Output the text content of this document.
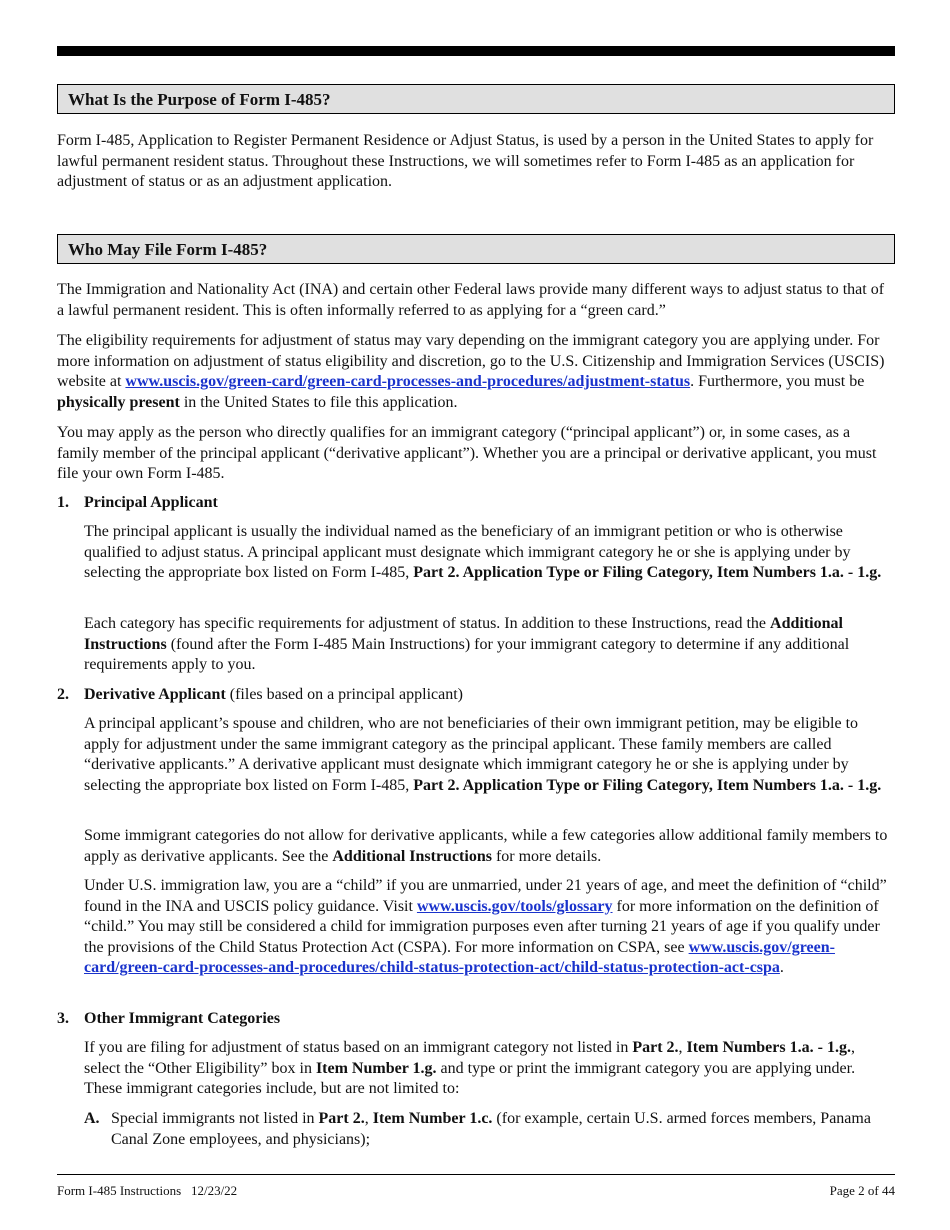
What Is the Purpose of Form I-485?

Form I-485, Application to Register Permanent Residence or Adjust Status, is used by a person in the United States to apply for lawful permanent resident status. Throughout these Instructions, we will sometimes refer to Form I-485 as an application for adjustment of status or as an adjustment application.

Who May File Form I-485?

The Immigration and Nationality Act (INA) and certain other Federal laws provide many different ways to adjust status to that of a lawful permanent resident. This is often informally referred to as applying for a “green card.”

The eligibility requirements for adjustment of status may vary depending on the immigrant category you are applying under. For more information on adjustment of status eligibility and discretion, go to the U.S. Citizenship and Immigration Services (USCIS) website at www.uscis.gov/green-card/green-card-processes-and-procedures/adjustment-status. Furthermore, you must be physically present in the United States to file this application.

You may apply as the person who directly qualifies for an immigrant category (“principal applicant”) or, in some cases, as a family member of the principal applicant (“derivative applicant”). Whether you are a principal or derivative applicant, you must file your own Form I-485.

1. Principal Applicant

The principal applicant is usually the individual named as the beneficiary of an immigrant petition or who is otherwise qualified to adjust status. A principal applicant must designate which immigrant category he or she is applying under by selecting the appropriate box listed on Form I-485, Part 2. Application Type or Filing Category, Item Numbers 1.a. - 1.g.

Each category has specific requirements for adjustment of status. In addition to these Instructions, read the Additional Instructions (found after the Form I-485 Main Instructions) for your immigrant category to determine if any additional requirements apply to you.

2. Derivative Applicant (files based on a principal applicant)

A principal applicant’s spouse and children, who are not beneficiaries of their own immigrant petition, may be eligible to apply for adjustment under the same immigrant category as the principal applicant. These family members are called “derivative applicants.” A derivative applicant must designate which immigrant category he or she is applying under by selecting the appropriate box listed on Form I-485, Part 2. Application Type or Filing Category, Item Numbers 1.a. - 1.g.

Some immigrant categories do not allow for derivative applicants, while a few categories allow additional family members to apply as derivative applicants. See the Additional Instructions for more details.

Under U.S. immigration law, you are a “child” if you are unmarried, under 21 years of age, and meet the definition of “child” found in the INA and USCIS policy guidance. Visit www.uscis.gov/tools/glossary for more information on the definition of “child.” You may still be considered a child for immigration purposes even after turning 21 years of age if you qualify under the provisions of the Child Status Protection Act (CSPA). For more information on CSPA, see www.uscis.gov/green-card/green-card-processes-and-procedures/child-status-protection-act/child-status-protection-act-cspa.

3. Other Immigrant Categories

If you are filing for adjustment of status based on an immigrant category not listed in Part 2., Item Numbers 1.a. - 1.g., select the “Other Eligibility” box in Item Number 1.g. and type or print the immigrant category you are applying under. These immigrant categories include, but are not limited to:

A. Special immigrants not listed in Part 2., Item Number 1.c. (for example, certain U.S. armed forces members, Panama Canal Zone employees, and physicians);

Form I-485 Instructions   12/23/22	Page 2 of 44
